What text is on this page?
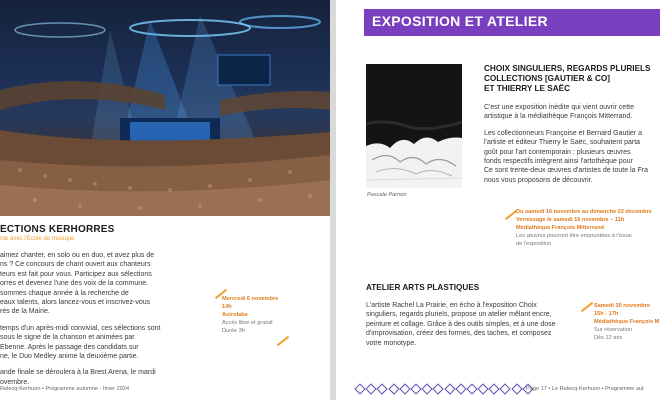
ECTIONS KERHORRES
nte avec l'Ecole de musique

aimez chanter, en solo ou en duo, et avez plus de
ns ? Ce concours de chant ouvert aux chanteurs
teurs est fait pour vous. Participez aux sélections
orres et devenez l'une des voix de la commune.
sommes chaque année à la recherche de
eaux talents, alors lancez-vous et inscrivez-vous
rès de la Mairie.

temps d'un après-midi convivial, ces sélections sont
sous le signe de la chanson et animées par
Ebenne. Après le passage des candidats sur
ne, le Duo Medley anime la deuxième partie.

ande finale se déroulera à la Brest Arena, le mardi
ovembre.

Mercredi 6 novembre
14h
Astrolabe
Accès libre et gratuit
Durée 3h
Relecq-Kerhuon • Programme automne - hiver 2024
EXPOSITION ET ATELIER
Pascale Parrein
CHOIX SINGULIERS, REGARDS PLURIELS
COLLECTIONS [GAUTIER & CO]
ET THIERRY LE SAËC

C'est une exposition inédite qui vient ouvrir cette
artistique à la médiathèque François Mitterrand.

Les collectionneurs Françoise et Bernard Gautier a
l'artiste et éditeur Thierry le Saëc, souhaitent parta
goût pour l'art contemporain : plusieurs œuvres
fonds respectifs intègrent ainsi l'artothèque pour
Ce sont trente-deux œuvres d'artistes de toute la Fra
nous vous proposons de découvrir.

Du samedi 16 novembre au dimanche 22 décembre
Vernissage le samedi 16 novembre – 11h
Médiathèque François Mitterrand
Les œuvres pourront être empruntées à l'issue
de l'exposition
ATELIER ARTS PLASTIQUES
L'artiste Rachel La Prairie, en écho à l'exposition Choix
singuliers, regards pluriels, propose un atelier mêlant encre,
peinture et collage. Grâce à des outils simples, et à une dose
d'improvisation, créez des formes, des taches, et composez
votre monotype.
Samedi 30 novembre
15h - 17h
Médiathèque François M
Sur réservation
Dès 12 ans
Page 17 • Le Relecq-Kerhuon • Programme aut
